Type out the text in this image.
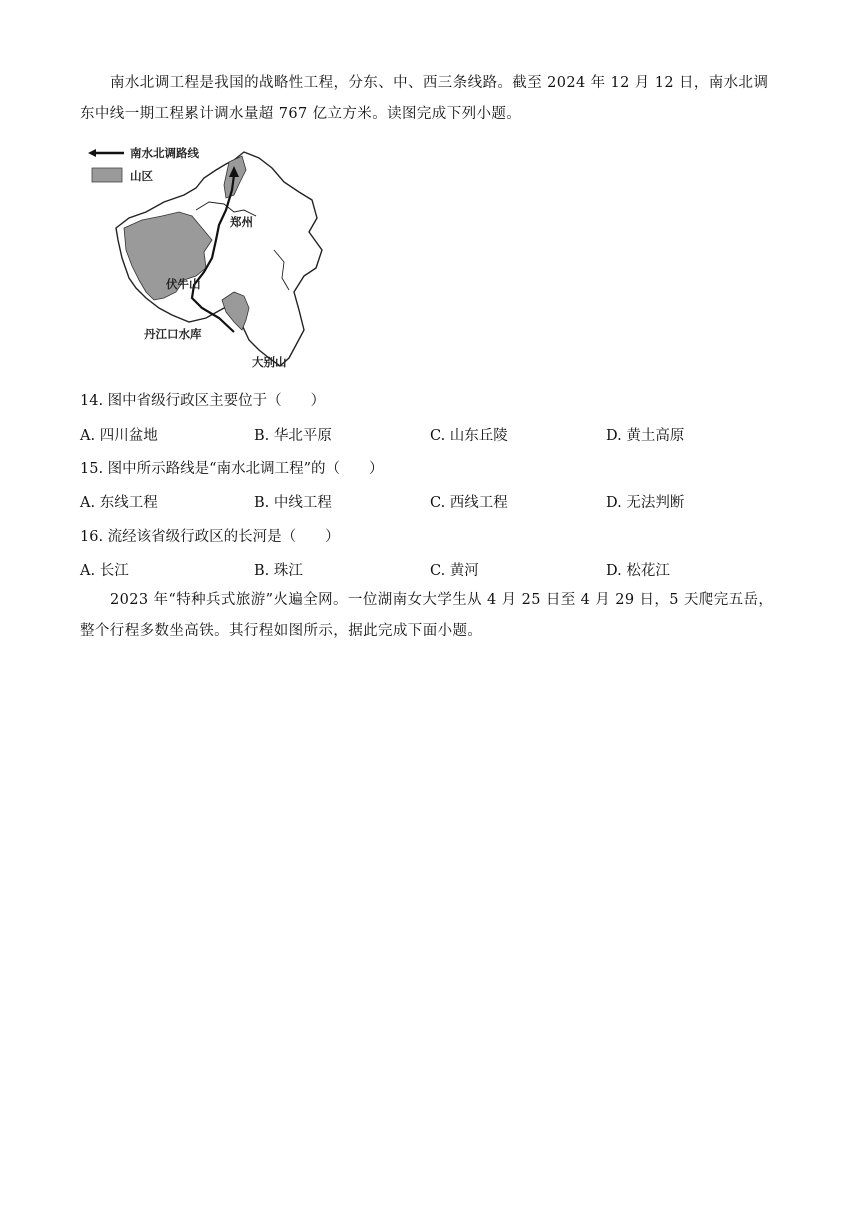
南水北调工程是我国的战略性工程，分东、中、西三条线路。截至 2024 年 12 月 12 日，南水北调东中线一期工程累计调水量超 767 亿立方米。读图完成下列小题。

南水北调路线
山区
郑州
伏牛山
丹江口水库
大别山

14. 图中省级行政区主要位于（　　）

A. 四川盆地	B. 华北平原	C. 山东丘陵	D. 黄土高原

15. 图中所示路线是“南水北调工程”的（　　）

A. 东线工程	B. 中线工程	C. 西线工程	D. 无法判断

16. 流经该省级行政区的长河是（　　）

A. 长江	B. 珠江	C. 黄河	D. 松花江

2023 年“特种兵式旅游”火遍全网。一位湖南女大学生从 4 月 25 日至 4 月 29 日，5 天爬完五岳，整个行程多数坐高铁。其行程如图所示，据此完成下面小题。
